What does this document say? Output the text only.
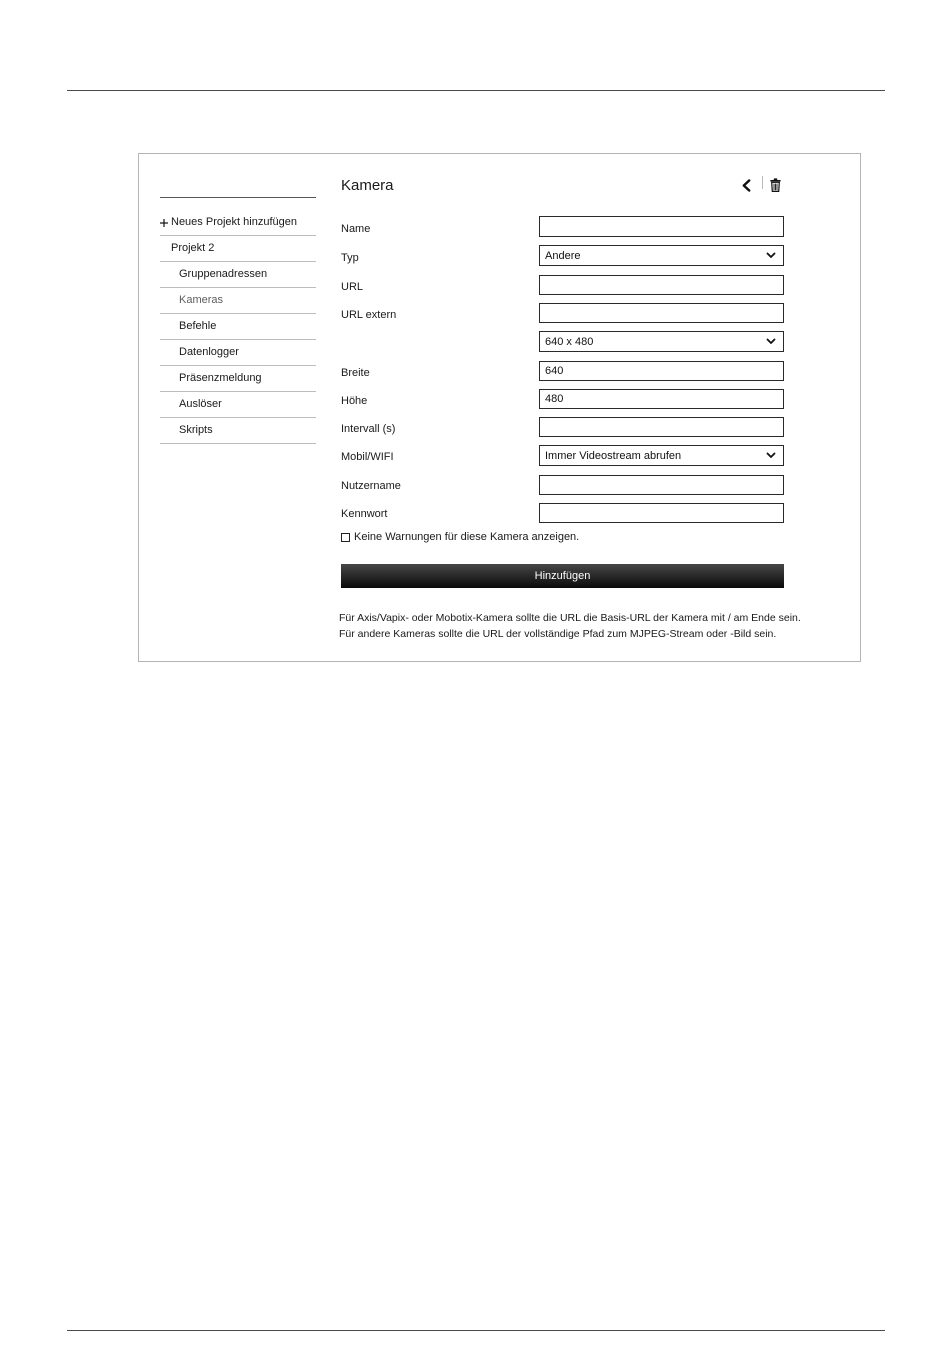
Neues Projekt hinzufügen
Projekt 2
Gruppenadressen
Kameras
Befehle
Datenlogger
Präsenzmeldung
Auslöser
Skripts
Kamera
Name
Typ	Andere
URL
URL extern
640 x 480
Breite
640
Höhe
480
Intervall (s)
Mobil/WIFI	Immer Videostream abrufen
Nutzername
Kennwort
Keine Warnungen für diese Kamera anzeigen.
Hinzufügen
Für Axis/Vapix- oder Mobotix-Kamera sollte die URL die Basis-URL der Kamera mit / am Ende sein.
Für andere Kameras sollte die URL der vollständige Pfad zum MJPEG-Stream oder -Bild sein.
